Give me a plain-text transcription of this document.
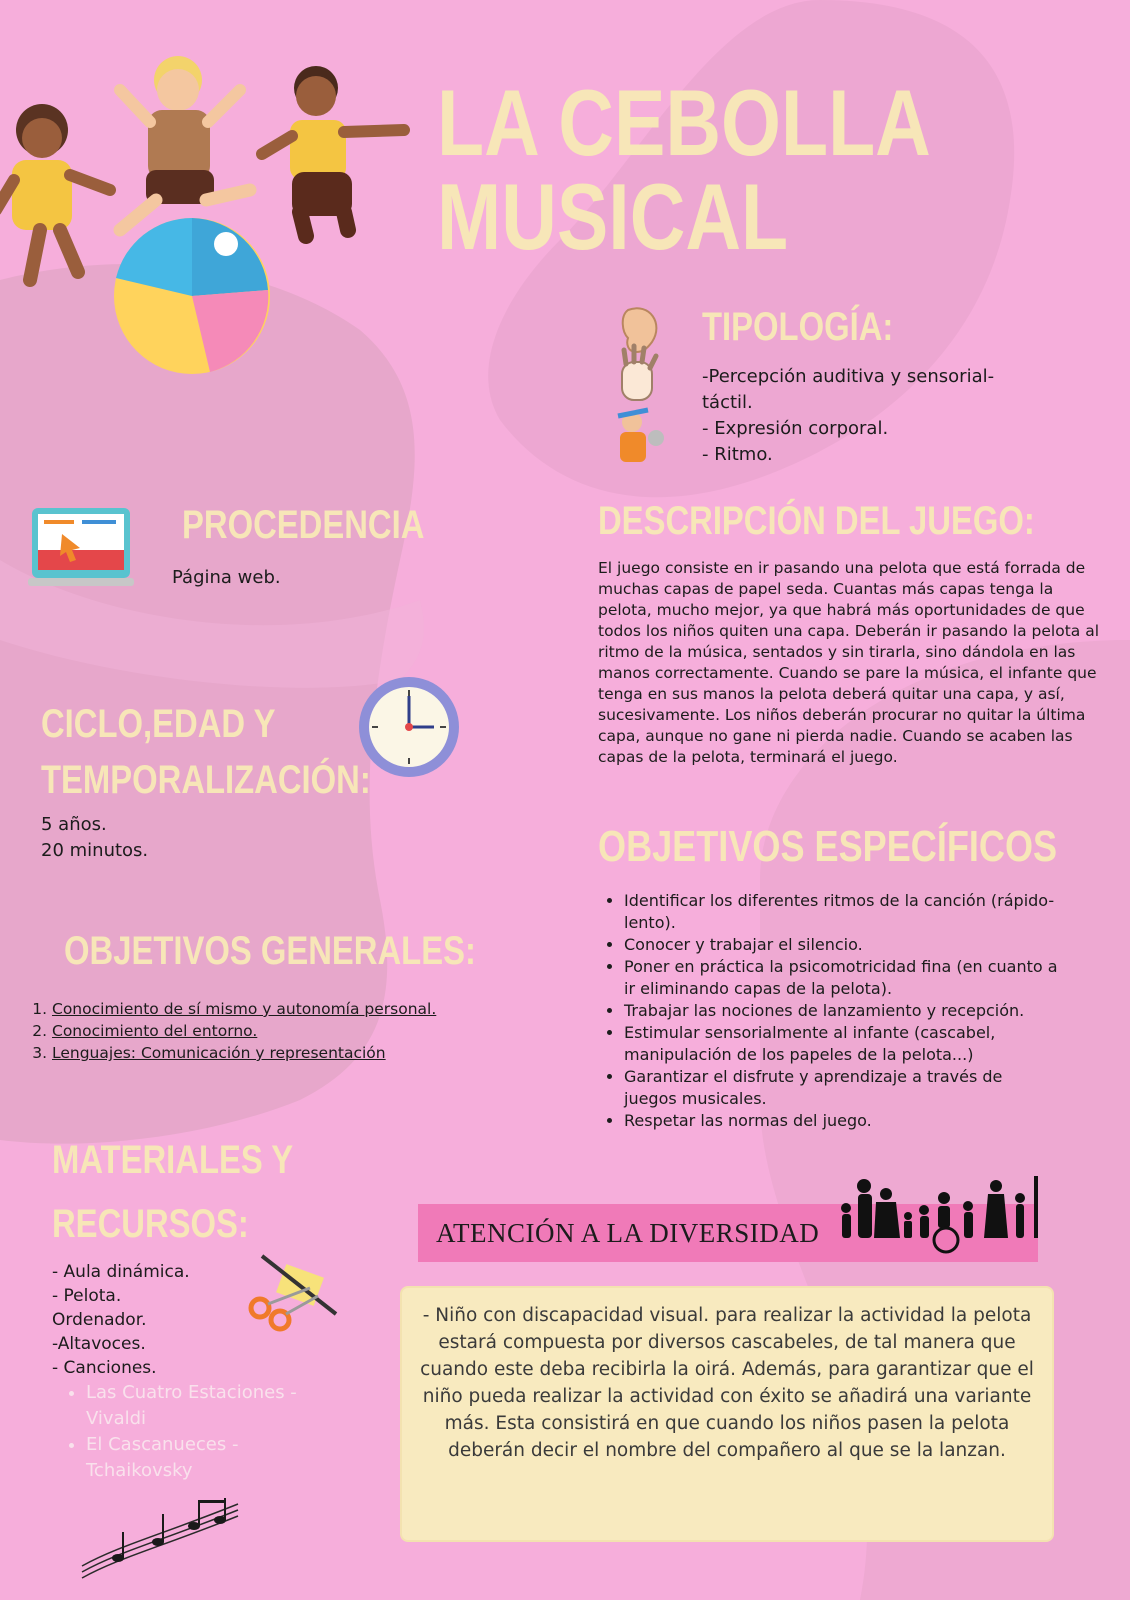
LA CEBOLLA
MUSICAL
TIPOLOGÍA:

-Percepción auditiva y sensorial-

táctil.

- Expresión corporal.

- Ritmo.

PROCEDENCIA

Página web.

DESCRIPCIÓN DEL JUEGO:

El juego consiste en ir pasando una pelota que está forrada de

muchas capas de papel seda. Cuantas más capas tenga la

pelota, mucho mejor, ya que habrá más oportunidades de que

todos los niños quiten una capa. Deberán ir pasando la pelota al

ritmo de la música, sentados y sin tirarla, sino dándola en las

manos correctamente. Cuando se pare la música, el infante que

tenga en sus manos la pelota deberá quitar una capa, y así,

sucesivamente. Los niños deberán procurar no quitar la última

capa, aunque no gane ni pierda nadie. Cuando se acaben las

capas de la pelota, terminará el juego.

CICLO,EDAD Y
TEMPORALIZACIÓN:

5 años.

20 minutos.	OBJETIVOS ESPECÍFICOS
• Identificar los diferentes ritmos de la canción (rápido-lento).
• Conocer y trabajar el silencio.
• Poner en práctica la psicomotricidad fina (en cuanto a ir eliminando capas de la pelota).
• Trabajar las nociones de lanzamiento y recepción.
• Estimular sensorialmente al infante (cascabel, manipulación de los papeles de la pelota...)
• Garantizar el disfrute y aprendizaje a través de juegos musicales.
• Respetar las normas del juego.
OBJETIVOS GENERALES:
1. Conocimiento de sí mismo y autonomía personal.
2. Conocimiento del entorno.
3. Lenguajes: Comunicación y representación
MATERIALES Y
RECURSOS:

- Aula dinámica.

- Pelota.

Ordenador.

-Altavoces.

- Canciones.

• Las Cuatro Estaciones - Vivaldi
• El Cascanueces - Tchaikovsky
ATENCIÓN A LA DIVERSIDAD
- Niño con discapacidad visual. para realizar la actividad la pelota estará compuesta por diversos cascabeles, de tal manera que cuando este deba recibirla la oirá. Además, para garantizar que el niño pueda realizar la actividad con éxito se añadirá una variante más. Esta consistirá en que cuando los niños pasen la pelota deberán decir el nombre del compañero al que se la lanzan.
